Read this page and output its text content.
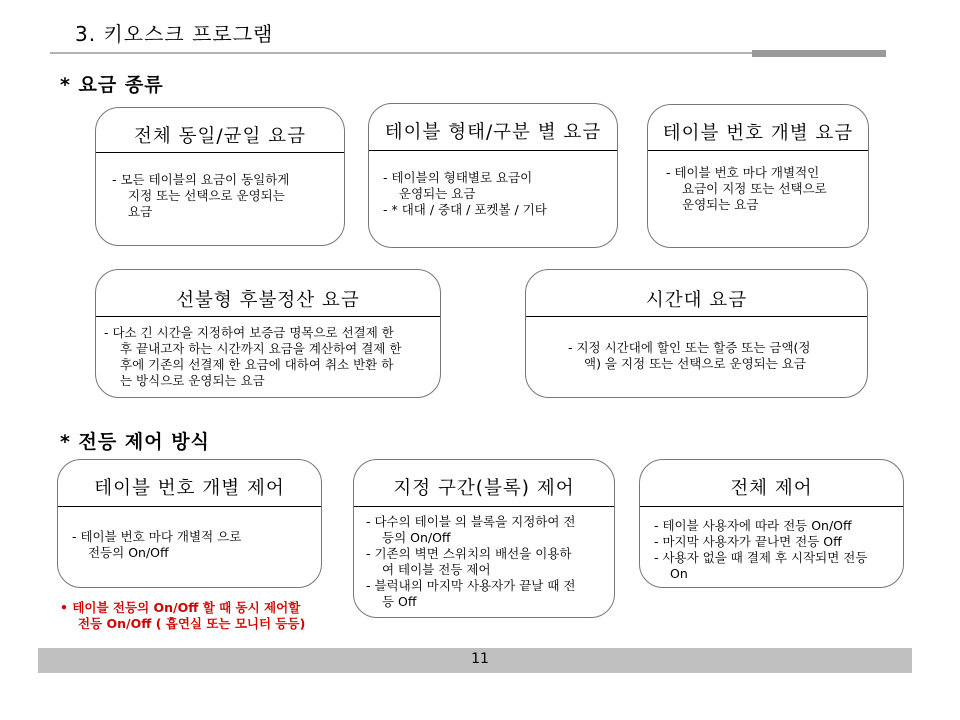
3. 키오스크 프로그램
* 요금 종류
전체 동일/균일 요금
- 모든 테이블의 요금이 동일하게
지정 또는 선택으로 운영되는
요금
테이블 형태/구분 별 요금
- 테이블의 형태별로 요금이
운영되는 요금
- * 대대 / 중대 / 포켓볼 / 기타
테이블 번호 개별 요금
- 테이블 번호 마다 개별적인
요금이 지정 또는 선택으로
운영되는 요금
선불형 후불정산 요금
- 다소 긴 시간을 지정하여 보증금 명목으로 선결제 한
후 끝내고자 하는 시간까지 요금을 계산하여 결제 한
후에 기존의 선결제 한 요금에 대하여 취소 반환 하
는 방식으로 운영되는 요금
시간대 요금
- 지정 시간대에 할인 또는 할증 또는 금액(정
액) 을 지정 또는 선택으로 운영되는 요금
* 전등 제어 방식
테이블 번호 개별 제어
- 테이블 번호 마다 개별적 으로
전등의 On/Off
지정 구간(블록) 제어
- 다수의 테이블 의 블록을 지정하여 전
등의 On/Off
- 기존의 벽면 스위치의 배선을 이용하
여 테이블 전등 제어
- 블럭내의 마지막 사용자가 끝날 때 전
등 Off
전체 제어
- 테이블 사용자에 따라 전등 On/Off
- 마지막 사용자가 끝나면 전등 Off
- 사용자 없을 때 결제 후 시작되면 전등
On
• 테이블 전등의 On/Off 할 때 동시 제어할
전등 On/Off ( 흡연실 또는 모니터 등등)
11
